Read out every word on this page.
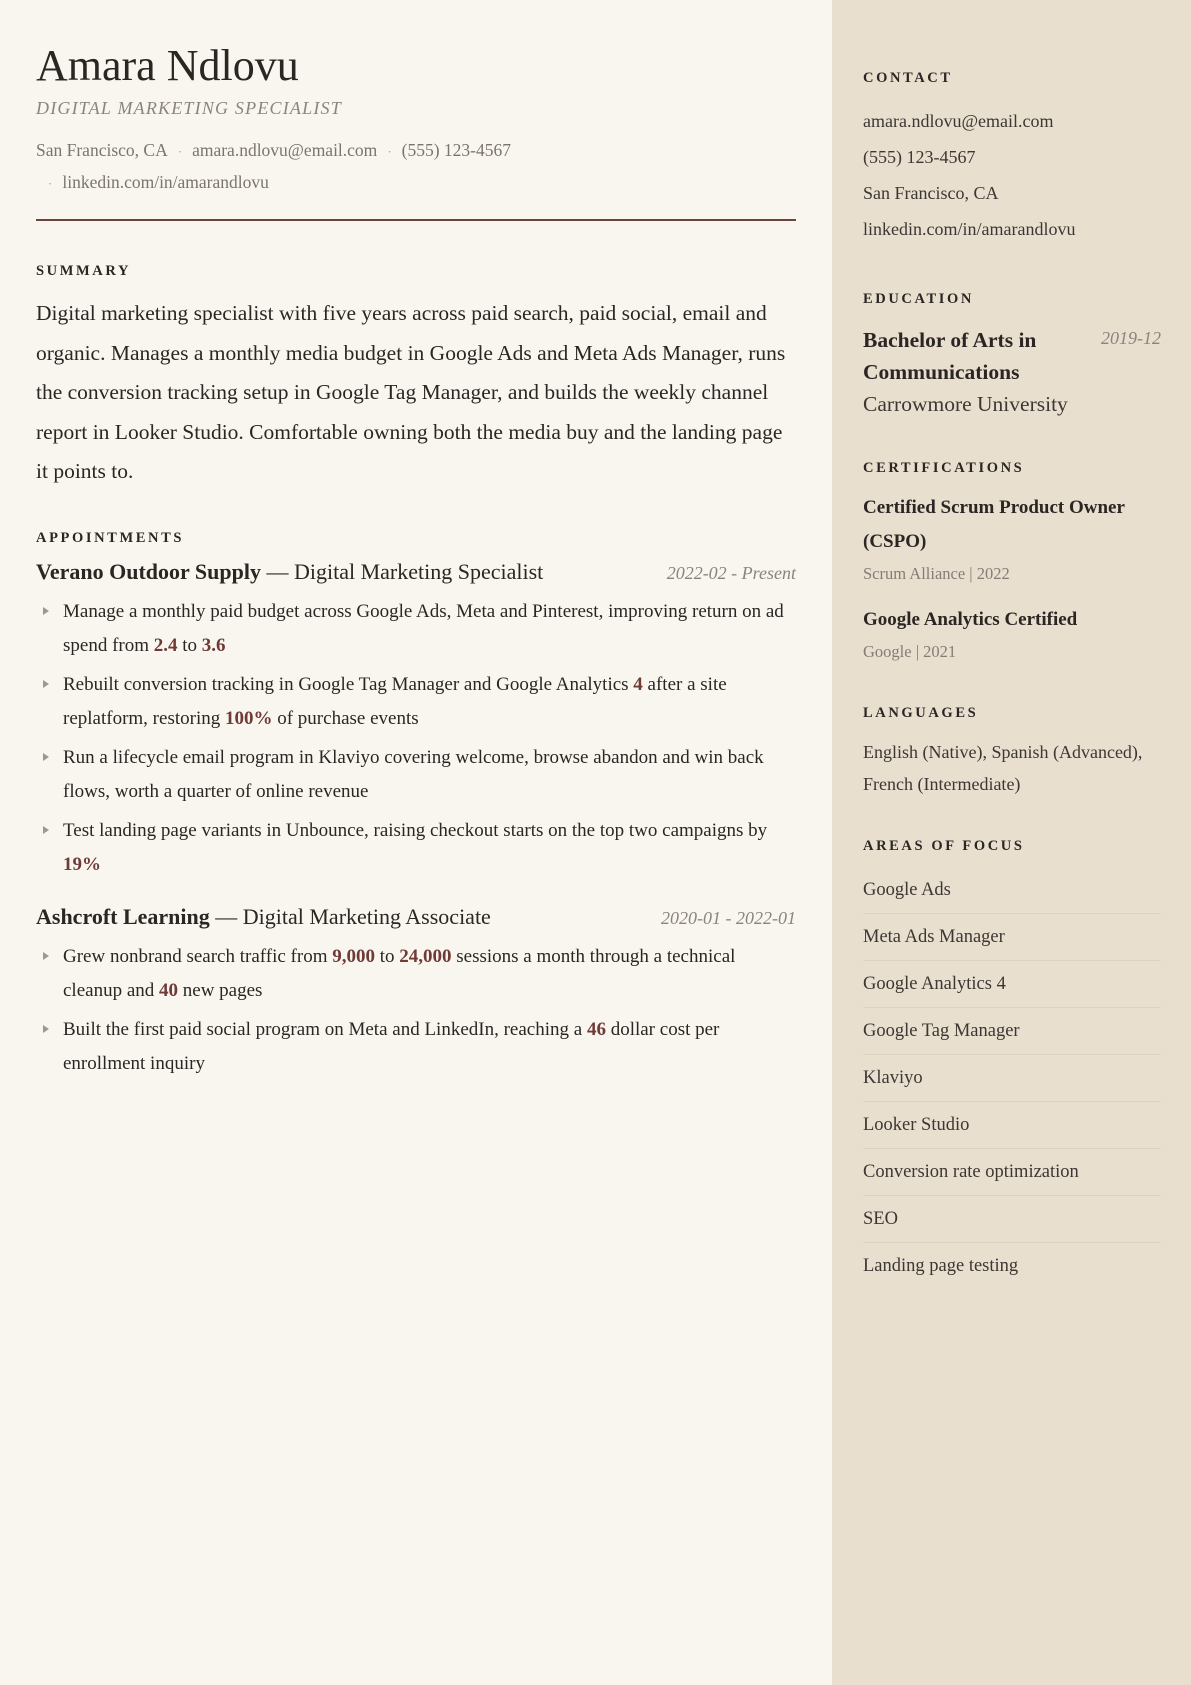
Amara Ndlovu
DIGITAL MARKETING SPECIALIST
San Francisco, CA · amara.ndlovu@email.com · (555) 123-4567
· linkedin.com/in/amarandlovu
SUMMARY

Digital marketing specialist with five years across paid search, paid social, email and organic. Manages a monthly media budget in Google Ads and Meta Ads Manager, runs the conversion tracking setup in Google Tag Manager, and builds the weekly channel report in Looker Studio. Comfortable owning both the media buy and the landing page it points to.

APPOINTMENTS
Verano Outdoor Supply — Digital Marketing Specialist	2022-02 - Present
Manage a monthly paid budget across Google Ads, Meta and Pinterest, improving return on ad spend from 2.4 to 3.6
Rebuilt conversion tracking in Google Tag Manager and Google Analytics 4 after a site replatform, restoring 100% of purchase events
Run a lifecycle email program in Klaviyo covering welcome, browse abandon and win back flows, worth a quarter of online revenue
Test landing page variants in Unbounce, raising checkout starts on the top two campaigns by 19%
Ashcroft Learning — Digital Marketing Associate	2020-01 - 2022-01
Grew nonbrand search traffic from 9,000 to 24,000 sessions a month through a technical cleanup and 40 new pages
Built the first paid social program on Meta and LinkedIn, reaching a 46 dollar cost per enrollment inquiry
CONTACT
amara.ndlovu@email.com
(555) 123-4567
San Francisco, CA
linkedin.com/in/amarandlovu
EDUCATION
Bachelor of Arts in Communications
2019-12
Carrowmore University
CERTIFICATIONS
Certified Scrum Product Owner (CSPO)
Scrum Alliance | 2022
Google Analytics Certified
Google | 2021
LANGUAGES
English (Native), Spanish (Advanced), French (Intermediate)
AREAS OF FOCUS
Google Ads
Meta Ads Manager
Google Analytics 4
Google Tag Manager
Klaviyo
Looker Studio
Conversion rate optimization
SEO
Landing page testing
